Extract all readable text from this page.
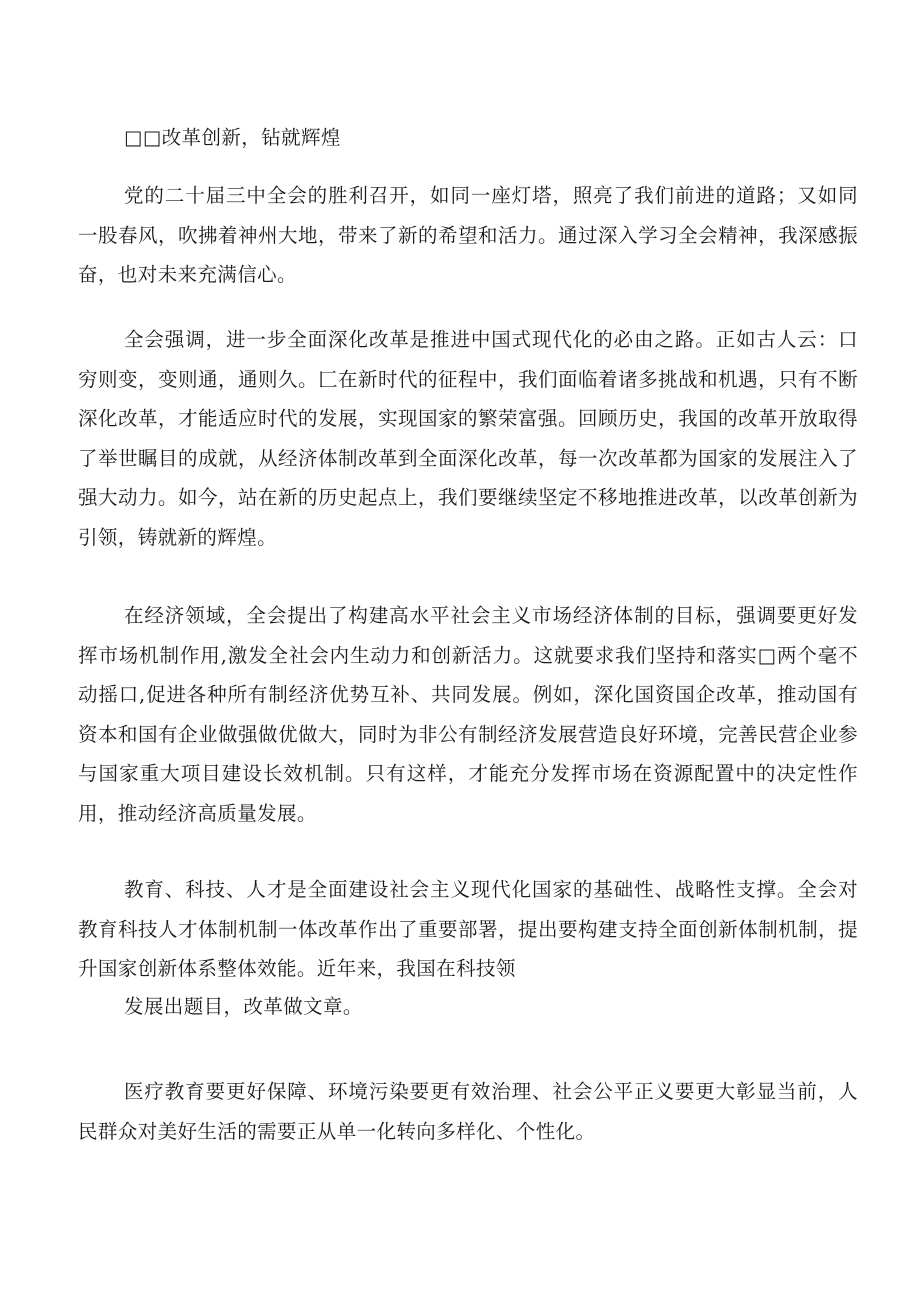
□□改革创新，钻就辉煌

党的二十届三中全会的胜利召开，如同一座灯塔，照亮了我们前进的道路；又如同一股春风，吹拂着神州大地，带来了新的希望和活力。通过深入学习全会精神，我深感振奋，也对未来充满信心。

全会强调，进一步全面深化改革是推进中国式现代化的必由之路。正如古人云：口穷则变，变则通，通则久。匚在新时代的征程中，我们面临着诸多挑战和机遇，只有不断深化改革，才能适应时代的发展，实现国家的繁荣富强。回顾历史，我国的改革开放取得了举世瞩目的成就，从经济体制改革到全面深化改革，每一次改革都为国家的发展注入了强大动力。如今，站在新的历史起点上，我们要继续坚定不移地推进改革，以改革创新为引领，铸就新的辉煌。

在经济领域，全会提出了构建高水平社会主义市场经济体制的目标，强调要更好发挥市场机制作用,激发全社会内生动力和创新活力。这就要求我们坚持和落实□两个毫不动摇口,促进各种所有制经济优势互补、共同发展。例如，深化国资国企改革，推动国有资本和国有企业做强做优做大，同时为非公有制经济发展营造良好环境，完善民营企业参与国家重大项目建设长效机制。只有这样，才能充分发挥市场在资源配置中的决定性作用，推动经济高质量发展。

教育、科技、人才是全面建设社会主义现代化国家的基础性、战略性支撑。全会对教育科技人才体制机制一体改革作出了重要部署，提出要构建支持全面创新体制机制，提升国家创新体系整体效能。近年来，我国在科技领

发展出题目，改革做文章。

医疗教育要更好保障、环境污染要更有效治理、社会公平正义要更大彰显当前，人民群众对美好生活的需要正从单一化转向多样化、个性化。
